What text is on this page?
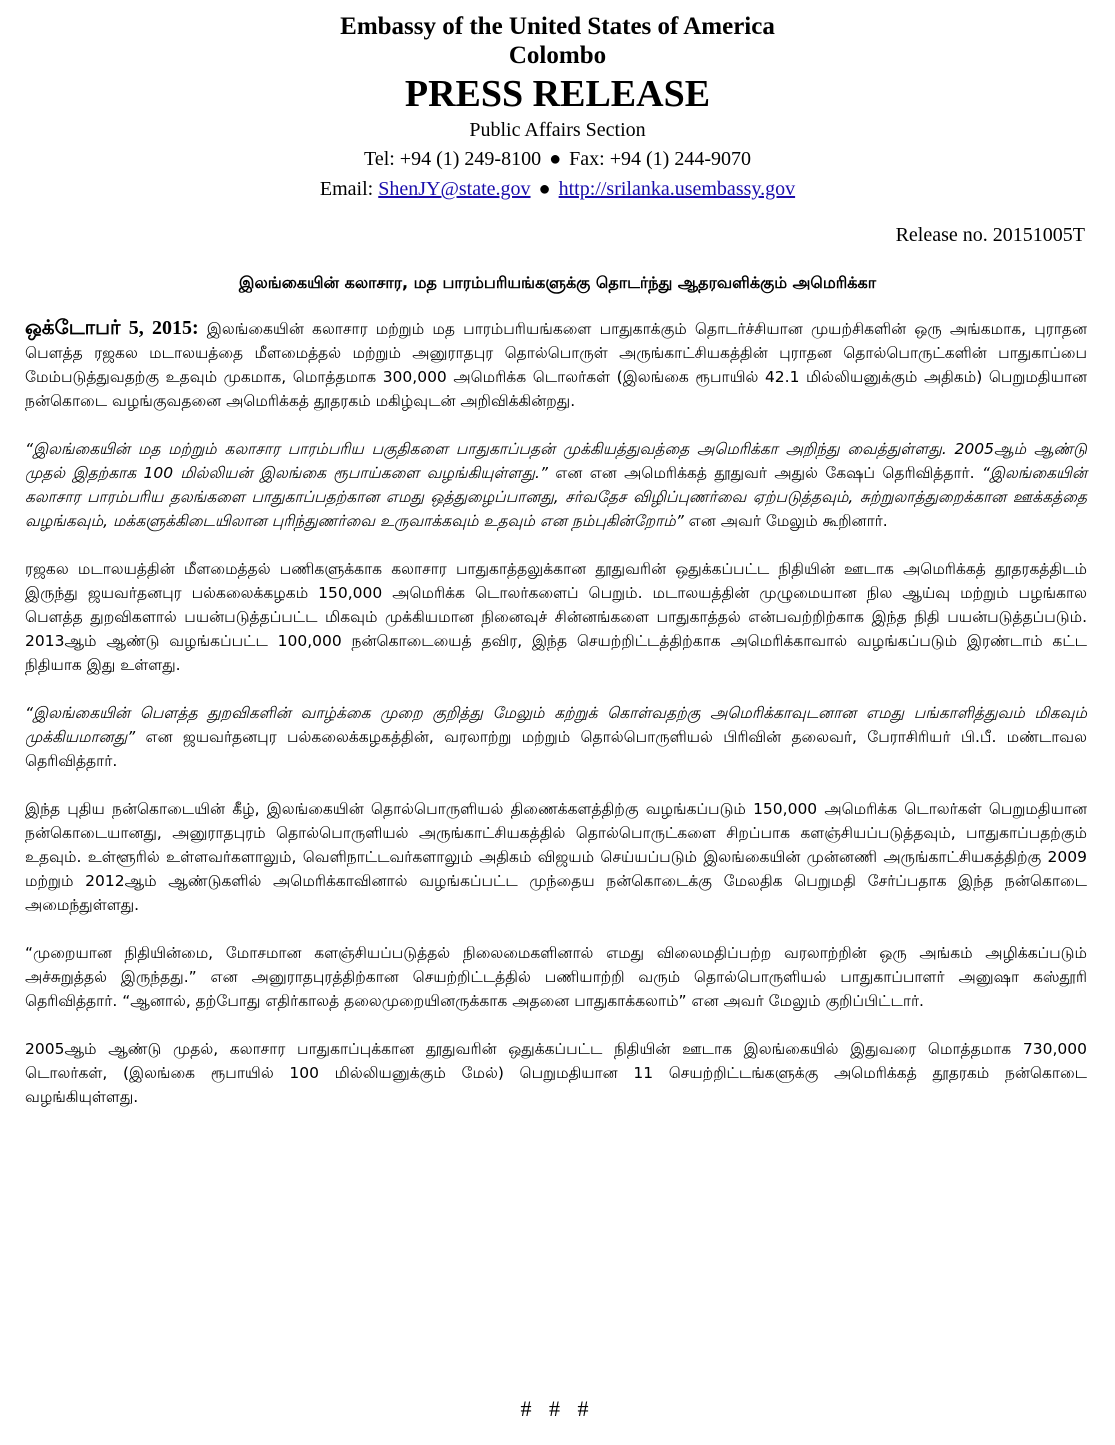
Embassy of the United States of America
Colombo
PRESS RELEASE
Public Affairs Section
Tel: +94 (1) 249-8100 ● Fax: +94 (1) 244-9070
Email: ShenJY@state.gov ● http://srilanka.usembassy.gov
Release no. 20151005T
இலங்கையின் கலாசார, மத பாரம்பரியங்களுக்கு தொடர்ந்து ஆதரவளிக்கும் அமெரிக்கா

ஒக்டோபர் 5, 2015: இலங்கையின் கலாசார மற்றும் மத பாரம்பரியங்களை பாதுகாக்கும் தொடர்ச்சியான முயற்சிகளின் ஒரு அங்கமாக, புராதன பௌத்த ரஜகல மடாலயத்தை மீளமைத்தல் மற்றும் அனுராதபுர தொல்பொருள் அருங்காட்சியகத்தின் புராதன தொல்பொருட்களின் பாதுகாப்பை மேம்படுத்துவதற்கு உதவும் முகமாக, மொத்தமாக 300,000 அமெரிக்க டொலர்கள் (இலங்கை ரூபாயில் 42.1 மில்லியனுக்கும் அதிகம்) பெறுமதியான நன்கொடை வழங்குவதனை அமெரிக்கத் தூதரகம் மகிழ்வுடன் அறிவிக்கின்றது.

“இலங்கையின் மத மற்றும் கலாசார பாரம்பரிய பகுதிகளை பாதுகாப்பதன் முக்கியத்துவத்தை அமெரிக்கா அறிந்து வைத்துள்ளது. 2005ஆம் ஆண்டு முதல் இதற்காக 100 மில்லியன் இலங்கை ரூபாய்களை வழங்கியுள்ளது.” என என அமெரிக்கத் தூதுவர் அதுல் கேஷப் தெரிவித்தார். “இலங்கையின் கலாசார பாரம்பரிய தலங்களை பாதுகாப்பதற்கான எமது ஒத்துழைப்பானது, சர்வதேச விழிப்புணர்வை ஏற்படுத்தவும், சுற்றுலாத்துறைக்கான ஊக்கத்தை வழங்கவும், மக்களுக்கிடையிலான புரிந்துணர்வை உருவாக்கவும் உதவும் என நம்புகின்றோம்” என அவர் மேலும் கூறினார்.

ரஜகல மடாலயத்தின் மீளமைத்தல் பணிகளுக்காக கலாசார பாதுகாத்தலுக்கான தூதுவரின் ஒதுக்கப்பட்ட நிதியின் ஊடாக அமெரிக்கத் தூதரகத்திடம் இருந்து ஜயவர்தனபுர பல்கலைக்கழகம் 150,000 அமெரிக்க டொலர்களைப் பெறும். மடாலயத்தின் முழுமையான நில ஆய்வு மற்றும் பழங்கால பௌத்த துறவிகளால் பயன்படுத்தப்பட்ட மிகவும் முக்கியமான நினைவுச் சின்னங்களை பாதுகாத்தல் என்பவற்றிற்காக இந்த நிதி பயன்படுத்தப்படும். 2013ஆம் ஆண்டு வழங்கப்பட்ட 100,000 நன்கொடையைத் தவிர, இந்த செயற்றிட்டத்திற்காக அமெரிக்காவால் வழங்கப்படும் இரண்டாம் கட்ட நிதியாக இது உள்ளது.

“இலங்கையின் பௌத்த துறவிகளின் வாழ்க்கை முறை குறித்து மேலும் கற்றுக் கொள்வதற்கு அமெரிக்காவுடனான எமது பங்காளித்துவம் மிகவும் முக்கியமானது” என ஜயவர்தனபுர பல்கலைக்கழகத்தின், வரலாற்று மற்றும் தொல்பொருளியல் பிரிவின் தலைவர், பேராசிரியர் பி.பீ. மண்டாவல தெரிவித்தார்.

இந்த புதிய நன்கொடையின் கீழ், இலங்கையின் தொல்பொருளியல் திணைக்களத்திற்கு வழங்கப்படும் 150,000 அமெரிக்க டொலர்கள் பெறுமதியான நன்கொடையானது, அனுராதபுரம் தொல்பொருளியல் அருங்காட்சியகத்தில் தொல்பொருட்களை சிறப்பாக களஞ்சியப்படுத்தவும், பாதுகாப்பதற்கும் உதவும். உள்ளூரில் உள்ளவர்களாலும், வெளிநாட்டவர்களாலும் அதிகம் விஜயம் செய்யப்படும் இலங்கையின் முன்னணி அருங்காட்சியகத்திற்கு 2009 மற்றும் 2012ஆம் ஆண்டுகளில் அமெரிக்காவினால் வழங்கப்பட்ட முந்தைய நன்கொடைக்கு மேலதிக பெறுமதி சேர்ப்பதாக இந்த நன்கொடை அமைந்துள்ளது.

“முறையான நிதியின்மை, மோசமான களஞ்சியப்படுத்தல் நிலைமைகளினால் எமது விலைமதிப்பற்ற வரலாற்றின் ஒரு அங்கம் அழிக்கப்படும் அச்சுறுத்தல் இருந்தது.” என அனுராதபுரத்திற்கான செயற்றிட்டத்தில் பணியாற்றி வரும் தொல்பொருளியல் பாதுகாப்பாளர் அனுஷா கஸ்தூரி தெரிவித்தார். “ஆனால், தற்போது எதிர்காலத் தலைமுறையினருக்காக அதனை பாதுகாக்கலாம்” என அவர் மேலும் குறிப்பிட்டார்.

2005ஆம் ஆண்டு முதல், கலாசார பாதுகாப்புக்கான தூதுவரின் ஒதுக்கப்பட்ட நிதியின் ஊடாக இலங்கையில் இதுவரை மொத்தமாக 730,000 டொலர்கள், (இலங்கை ரூபாயில் 100 மில்லியனுக்கும் மேல்) பெறுமதியான 11 செயற்றிட்டங்களுக்கு அமெரிக்கத் தூதரகம் நன்கொடை வழங்கியுள்ளது.

# # #
